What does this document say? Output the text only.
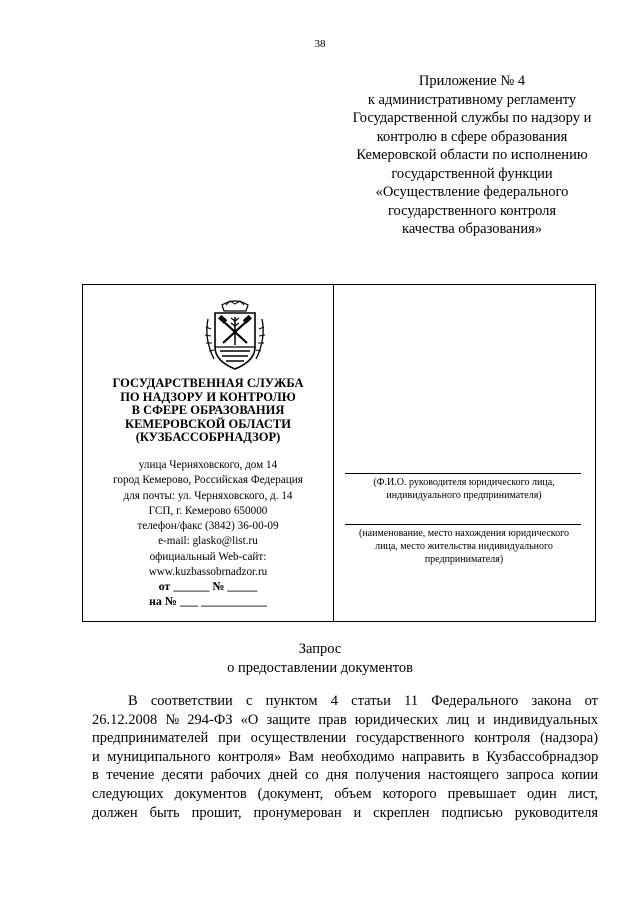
38
Приложение № 4
к административному регламенту
Государственной службы по надзору и
контролю в сфере образования
Кемеровской области по исполнению
государственной функции
«Осуществление федерального
государственного контроля
качества образования»
ГОСУДАРСТВЕННАЯ СЛУЖБА
ПО НАДЗОРУ И КОНТРОЛЮ
В СФЕРЕ ОБРАЗОВАНИЯ
КЕМЕРОВСКОЙ ОБЛАСТИ
(КУЗБАССОБРНАДЗОР)
улица Черняховского, дом 14
город Кемерово, Российская Федерация
для почты: ул. Черняховского, д. 14
ГСП, г. Кемерово 650000
телефон/факс (3842) 36-00-09
e-mail: glasko@list.ru
официальный Web-сайт:
www.kuzbassobrnadzor.ru
от ______ № _____
на № ___ ___________
(Ф.И.О. руководителя юридического лица,
индивидуального предпринимателя)
(наименование, место нахождения юридического
лица, место жительства индивидуального
предпринимателя)
Запрос
о предоставлении документов
В соответствии с пунктом 4 статьи 11 Федерального закона от
26.12.2008 № 294-ФЗ «О защите прав юридических лиц и индивидуальных
предпринимателей при осуществлении государственного контроля (надзора)
и муниципального контроля» Вам необходимо направить в Кузбассобрнадзор
в течение десяти рабочих дней со дня получения настоящего запроса копии
следующих документов (документ, объем которого превышает один лист,
должен быть прошит, пронумерован и скреплен подписью руководителя
